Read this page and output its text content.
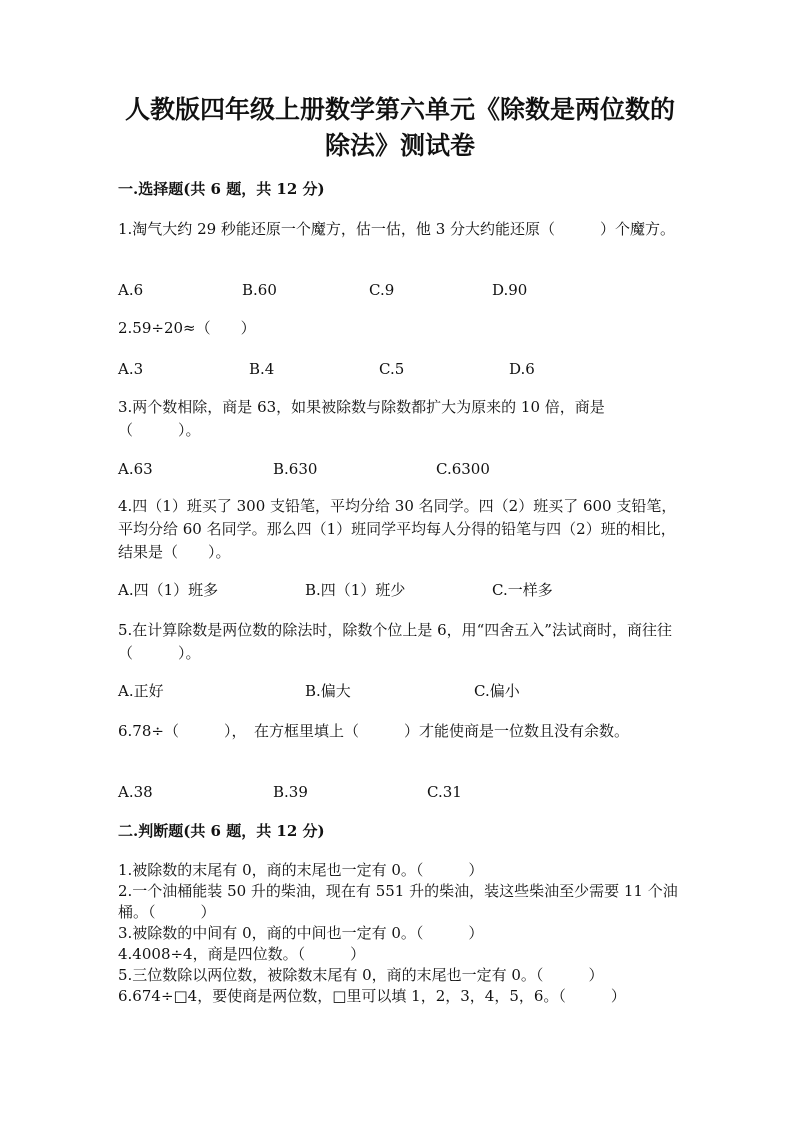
人教版四年级上册数学第六单元《除数是两位数的
除法》测试卷
一.选择题(共 6 题，共 12 分)
1.淘气大约 29 秒能还原一个魔方，估一估，他 3 分大约能还原（　　　）个魔方。
A.6	B.60	C.9	D.90
2.59÷20≈（　　）
A.3	B.4	C.5	D.6
3.两个数相除，商是 63，如果被除数与除数都扩大为原来的 10 倍，商是（　　　）。
A.63	B.630	C.6300
4.四（1）班买了 300 支铅笔，平均分给 30 名同学。四（2）班买了 600 支铅笔，平均分给 60 名同学。那么四（1）班同学平均每人分得的铅笔与四（2）班的相比，结果是（　　）。
A.四（1）班多	B.四（1）班少	C.一样多
5.在计算除数是两位数的除法时，除数个位上是 6，用“四舍五入”法试商时，商往往（　　　）。
A.正好	B.偏大	C.偏小
6.78÷（　　　），　在方框里填上（　　　）才能使商是一位数且没有余数。
A.38	B.39	C.31
二.判断题(共 6 题，共 12 分)
1.被除数的末尾有 0，商的末尾也一定有 0。（　　　）
2.一个油桶能装 50 升的柴油，现在有 551 升的柴油，装这些柴油至少需要 11 个油桶。（　　　）
3.被除数的中间有 0，商的中间也一定有 0。（　　　）
4.4008÷4，商是四位数。（　　　）
5.三位数除以两位数，被除数末尾有 0，商的末尾也一定有 0。（　　　）
6.674÷□4，要使商是两位数，□里可以填 1，2，3，4，5，6。（　　　）
